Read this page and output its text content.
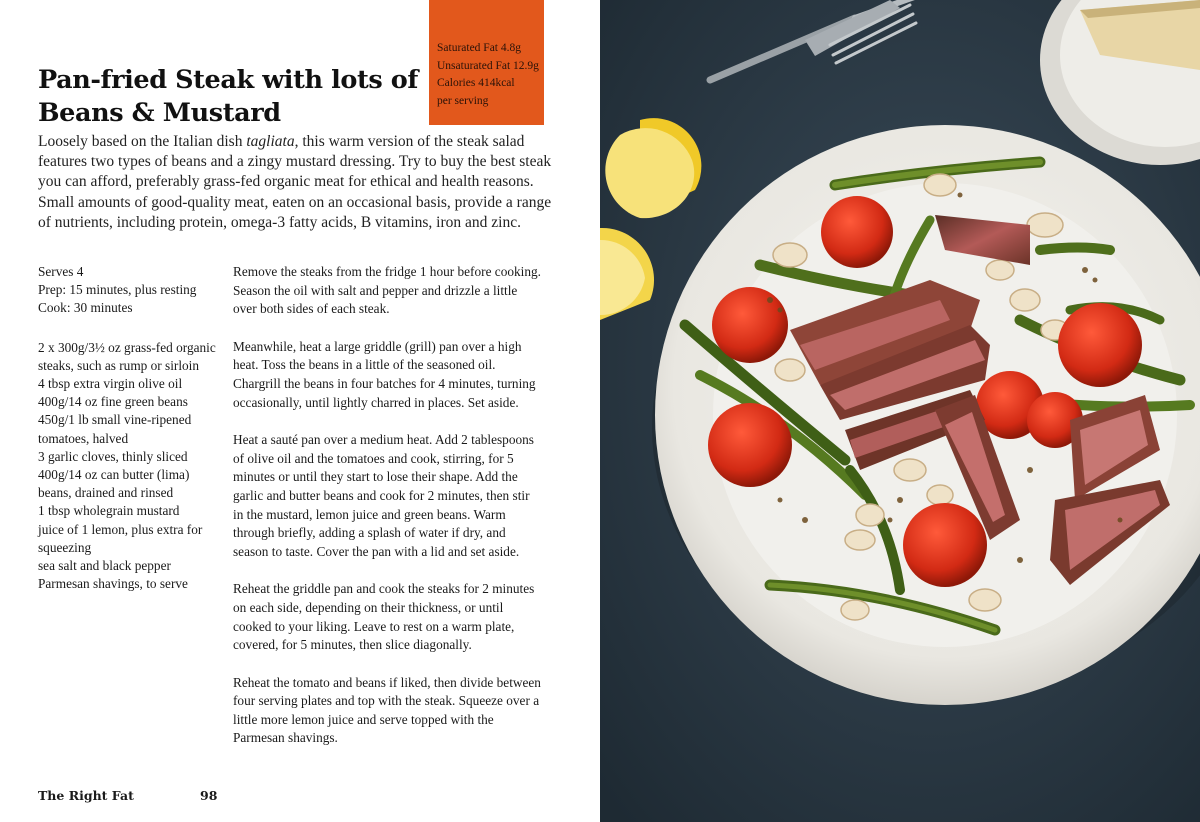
Saturated Fat 4.8g
Unsaturated Fat 12.9g
Calories 414kcal
per serving
Pan-fried Steak with lots of Beans & Mustard

Loosely based on the Italian dish tagliata, this warm version of the steak salad features two types of beans and a zingy mustard dressing. Try to buy the best steak you can afford, preferably grass-fed organic meat for ethical and health reasons. Small amounts of good-quality meat, eaten on an occasional basis, provide a range of nutrients, including protein, omega-3 fatty acids, B vitamins, iron and zinc.

Serves 4
Prep: 15 minutes, plus resting
Cook: 30 minutes
2 x 300g/3½ oz grass-fed organic steaks, such as rump or sirloin
4 tbsp extra virgin olive oil
400g/14 oz fine green beans
450g/1 lb small vine-ripened tomatoes, halved
3 garlic cloves, thinly sliced
400g/14 oz can butter (lima) beans, drained and rinsed
1 tbsp wholegrain mustard
juice of 1 lemon, plus extra for squeezing
sea salt and black pepper
Parmesan shavings, to serve

Remove the steaks from the fridge 1 hour before cooking. Season the oil with salt and pepper and drizzle a little over both sides of each steak.

Meanwhile, heat a large griddle (grill) pan over a high heat. Toss the beans in a little of the seasoned oil. Chargrill the beans in four batches for 4 minutes, turning occasionally, until lightly charred in places. Set aside.

Heat a sauté pan over a medium heat. Add 2 tablespoons of olive oil and the tomatoes and cook, stirring, for 5 minutes or until they start to lose their shape. Add the garlic and butter beans and cook for 2 minutes, then stir in the mustard, lemon juice and green beans. Warm through briefly, adding a splash of water if dry, and season to taste. Cover the pan with a lid and set aside.

Reheat the griddle pan and cook the steaks for 2 minutes on each side, depending on their thickness, or until cooked to your liking. Leave to rest on a warm plate, covered, for 5 minutes, then slice diagonally.

Reheat the tomato and beans if liked, then divide between four serving plates and top with the steak. Squeeze over a little more lemon juice and serve topped with the Parmesan shavings.

The Right Fat	98
